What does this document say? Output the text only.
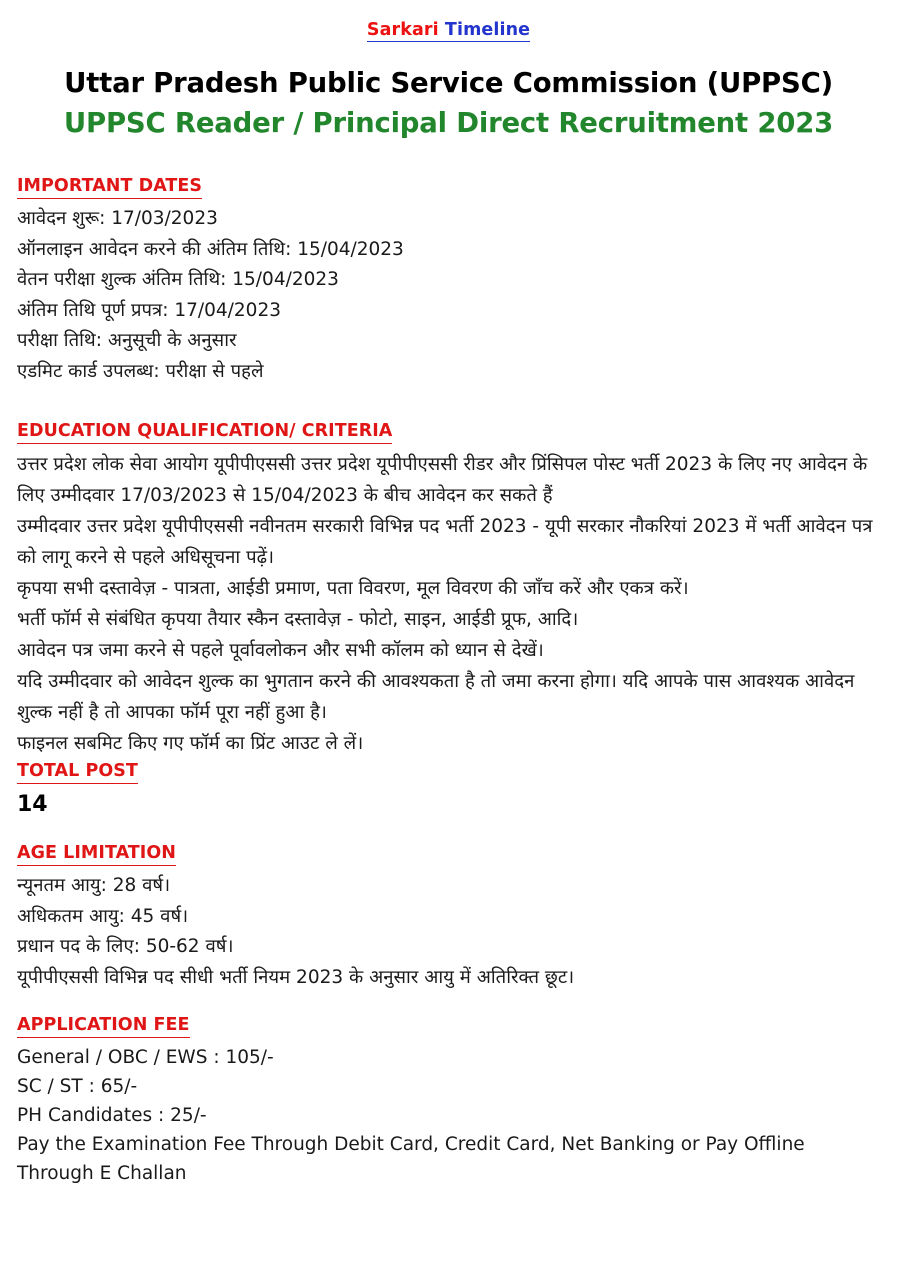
Sarkari Timeline
Uttar Pradesh Public Service Commission (UPPSC)
UPPSC Reader / Principal Direct Recruitment 2023
IMPORTANT DATES
आवेदन शुरू: 17/03/2023
ऑनलाइन आवेदन करने की अंतिम तिथि: 15/04/2023
वेतन परीक्षा शुल्क अंतिम तिथि: 15/04/2023
अंतिम तिथि पूर्ण प्रपत्र: 17/04/2023
परीक्षा तिथि: अनुसूची के अनुसार
एडमिट कार्ड उपलब्ध: परीक्षा से पहले
EDUCATION QUALIFICATION/ CRITERIA
उत्तर प्रदेश लोक सेवा आयोग यूपीपीएससी उत्तर प्रदेश यूपीपीएससी रीडर और प्रिंसिपल पोस्ट भर्ती 2023 के लिए नए आवेदन के लिए उम्मीदवार 17/03/2023 से 15/04/2023 के बीच आवेदन कर सकते हैं
उम्मीदवार उत्तर प्रदेश यूपीपीएससी नवीनतम सरकारी विभिन्न पद भर्ती 2023 - यूपी सरकार नौकरियां 2023 में भर्ती आवेदन पत्र को लागू करने से पहले अधिसूचना पढ़ें।
कृपया सभी दस्तावेज़ - पात्रता, आईडी प्रमाण, पता विवरण, मूल विवरण की जाँच करें और एकत्र करें।
भर्ती फॉर्म से संबंधित कृपया तैयार स्कैन दस्तावेज़ - फोटो, साइन, आईडी प्रूफ, आदि।
आवेदन पत्र जमा करने से पहले पूर्वावलोकन और सभी कॉलम को ध्यान से देखें।
यदि उम्मीदवार को आवेदन शुल्क का भुगतान करने की आवश्यकता है तो जमा करना होगा। यदि आपके पास आवश्यक आवेदन शुल्क नहीं है तो आपका फॉर्म पूरा नहीं हुआ है।
फाइनल सबमिट किए गए फॉर्म का प्रिंट आउट ले लें।
TOTAL POST
14
AGE LIMITATION
न्यूनतम आयु: 28 वर्ष।
अधिकतम आयु: 45 वर्ष।
प्रधान पद के लिए: 50-62 वर्ष।
यूपीपीएससी विभिन्न पद सीधी भर्ती नियम 2023 के अनुसार आयु में अतिरिक्त छूट।
APPLICATION FEE
General / OBC / EWS : 105/-
SC / ST : 65/-
PH Candidates : 25/-
Pay the Examination Fee Through Debit Card, Credit Card, Net Banking or Pay Offline Through E Challan
